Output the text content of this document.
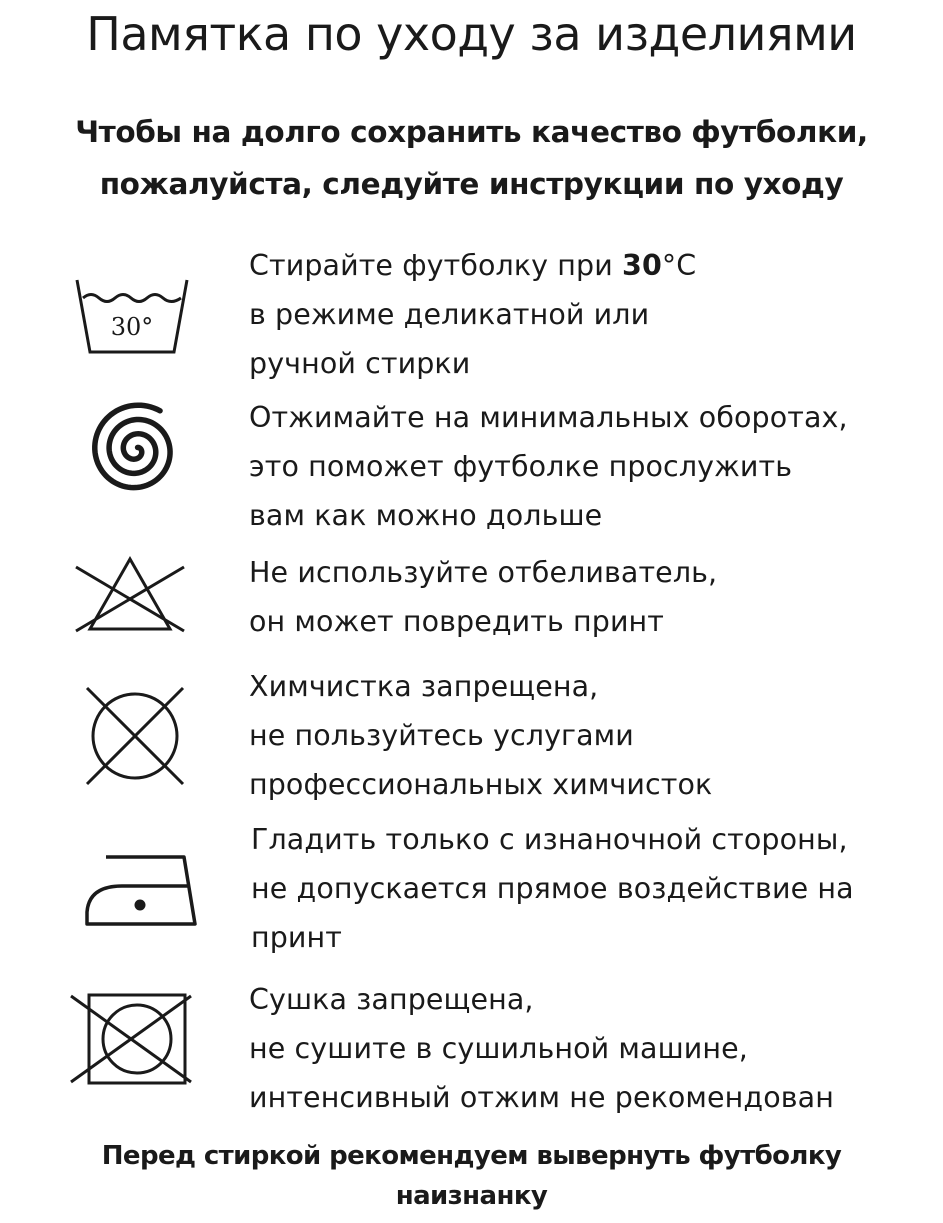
Памятка по уходу за изделиями
Чтобы на долго сохранить качество футболки,
пожалуйста, следуйте инструкции по уходу
30°
Стирайте футболку при 30°C
в режиме деликатной или
ручной стирки
Отжимайте на минимальных оборотах,
это поможет футболке прослужить
вам как можно дольше
Не используйте отбеливатель,
он может повредить принт
Химчистка запрещена,
не пользуйтесь услугами
профессиональных химчисток
Гладить только с изнаночной стороны,
не допускается прямое воздействие на
принт
Сушка запрещена,
не сушите в сушильной машине,
интенсивный отжим не рекомендован
Перед стиркой рекомендуем вывернуть футболку
наизнанку
